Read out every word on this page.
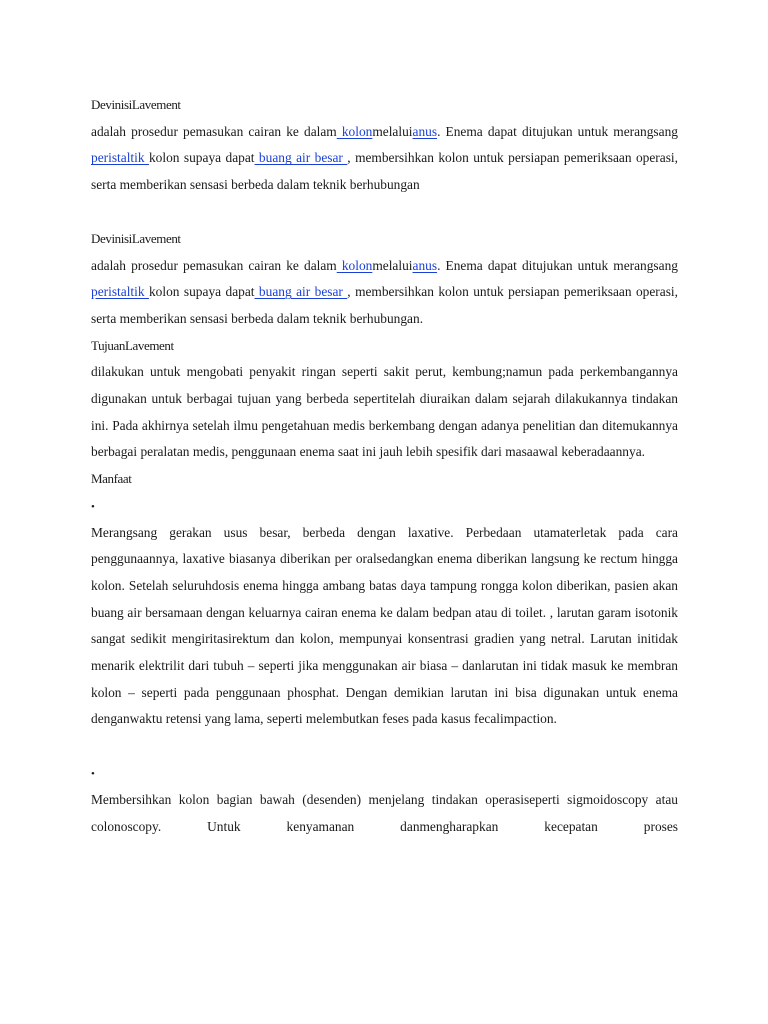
DevinisiLavement

adalah prosedur pemasukan cairan ke dalam kolonmelaluianus. Enema dapat ditujukan untuk merangsang peristaltik kolon supaya dapat buang air besar , membersihkan kolon untuk persiapan pemeriksaan operasi, serta memberikan sensasi berbeda dalam teknik berhubungan

DevinisiLavement

adalah prosedur pemasukan cairan ke dalam kolonmelaluianus. Enema dapat ditujukan untuk merangsang peristaltik kolon supaya dapat buang air besar , membersihkan kolon untuk persiapan pemeriksaan operasi, serta memberikan sensasi berbeda dalam teknik berhubungan.

TujuanLavement

dilakukan untuk mengobati penyakit ringan seperti sakit perut, kembung;namun pada perkembangannya digunakan untuk berbagai tujuan yang berbeda sepertitelah diuraikan dalam sejarah dilakukannya tindakan ini. Pada akhirnya setelah ilmu pengetahuan medis berkembang dengan adanya penelitian dan ditemukannya berbagai peralatan medis, penggunaan enema saat ini jauh lebih spesifik dari masaawal keberadaannya.

Manfaat
•

Merangsang gerakan usus besar, berbeda dengan laxative. Perbedaan utamaterletak pada cara penggunaannya, laxative biasanya diberikan per oralsedangkan enema diberikan langsung ke rectum hingga kolon. Setelah seluruhdosis enema hingga ambang batas daya tampung rongga kolon diberikan, pasien akan buang air bersamaan dengan keluarnya cairan enema ke dalam bedpan atau di toilet. , larutan garam isotonik sangat sedikit mengiritasirektum dan kolon, mempunyai konsentrasi gradien yang netral. Larutan initidak menarik elektrilit dari tubuh – seperti jika menggunakan air biasa – danlarutan ini tidak masuk ke membran kolon – seperti pada penggunaan phosphat. Dengan demikian larutan ini bisa digunakan untuk enema denganwaktu retensi yang lama, seperti melembutkan feses pada kasus fecalimpaction.

•

Membersihkan kolon bagian bawah (desenden) menjelang tindakan operasiseperti sigmoidoscopy atau colonoscopy. Untuk kenyamanan danmengharapkan kecepatan proses
